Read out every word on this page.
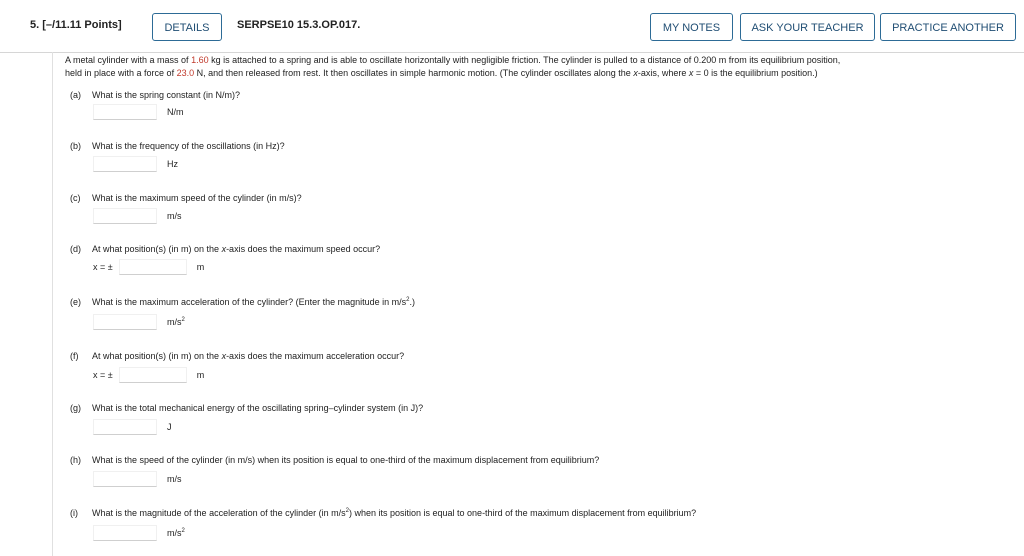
5. [–/11.11 Points]	DETAILS	SERPSE10 15.3.OP.017.	MY NOTES	ASK YOUR TEACHER	PRACTICE ANOTHER

A metal cylinder with a mass of 1.60 kg is attached to a spring and is able to oscillate horizontally with negligible friction. The cylinder is pulled to a distance of 0.200 m from its equilibrium position,

held in place with a force of 23.0 N, and then released from rest. It then oscillates in simple harmonic motion. (The cylinder oscillates along the x-axis, where x = 0 is the equilibrium position.)

(a) What is the spring constant (in N/m)?
N/m
(b) What is the frequency of the oscillations (in Hz)?
Hz
(c) What is the maximum speed of the cylinder (in m/s)?
m/s
(d) At what position(s) (in m) on the x-axis does the maximum speed occur?
x = ±	m
(e) What is the maximum acceleration of the cylinder? (Enter the magnitude in $m/s^2$.)
$m/s^2$
(f) At what position(s) (in m) on the x-axis does the maximum acceleration occur?
x = ±	m
(g) What is the total mechanical energy of the oscillating spring–cylinder system (in J)?
J
(h) What is the speed of the cylinder (in m/s) when its position is equal to one-third of the maximum displacement from equilibrium?
m/s
(i) What is the magnitude of the acceleration of the cylinder (in $m/s^2$) when its position is equal to one-third of the maximum displacement from equilibrium?
$m/s^2$
